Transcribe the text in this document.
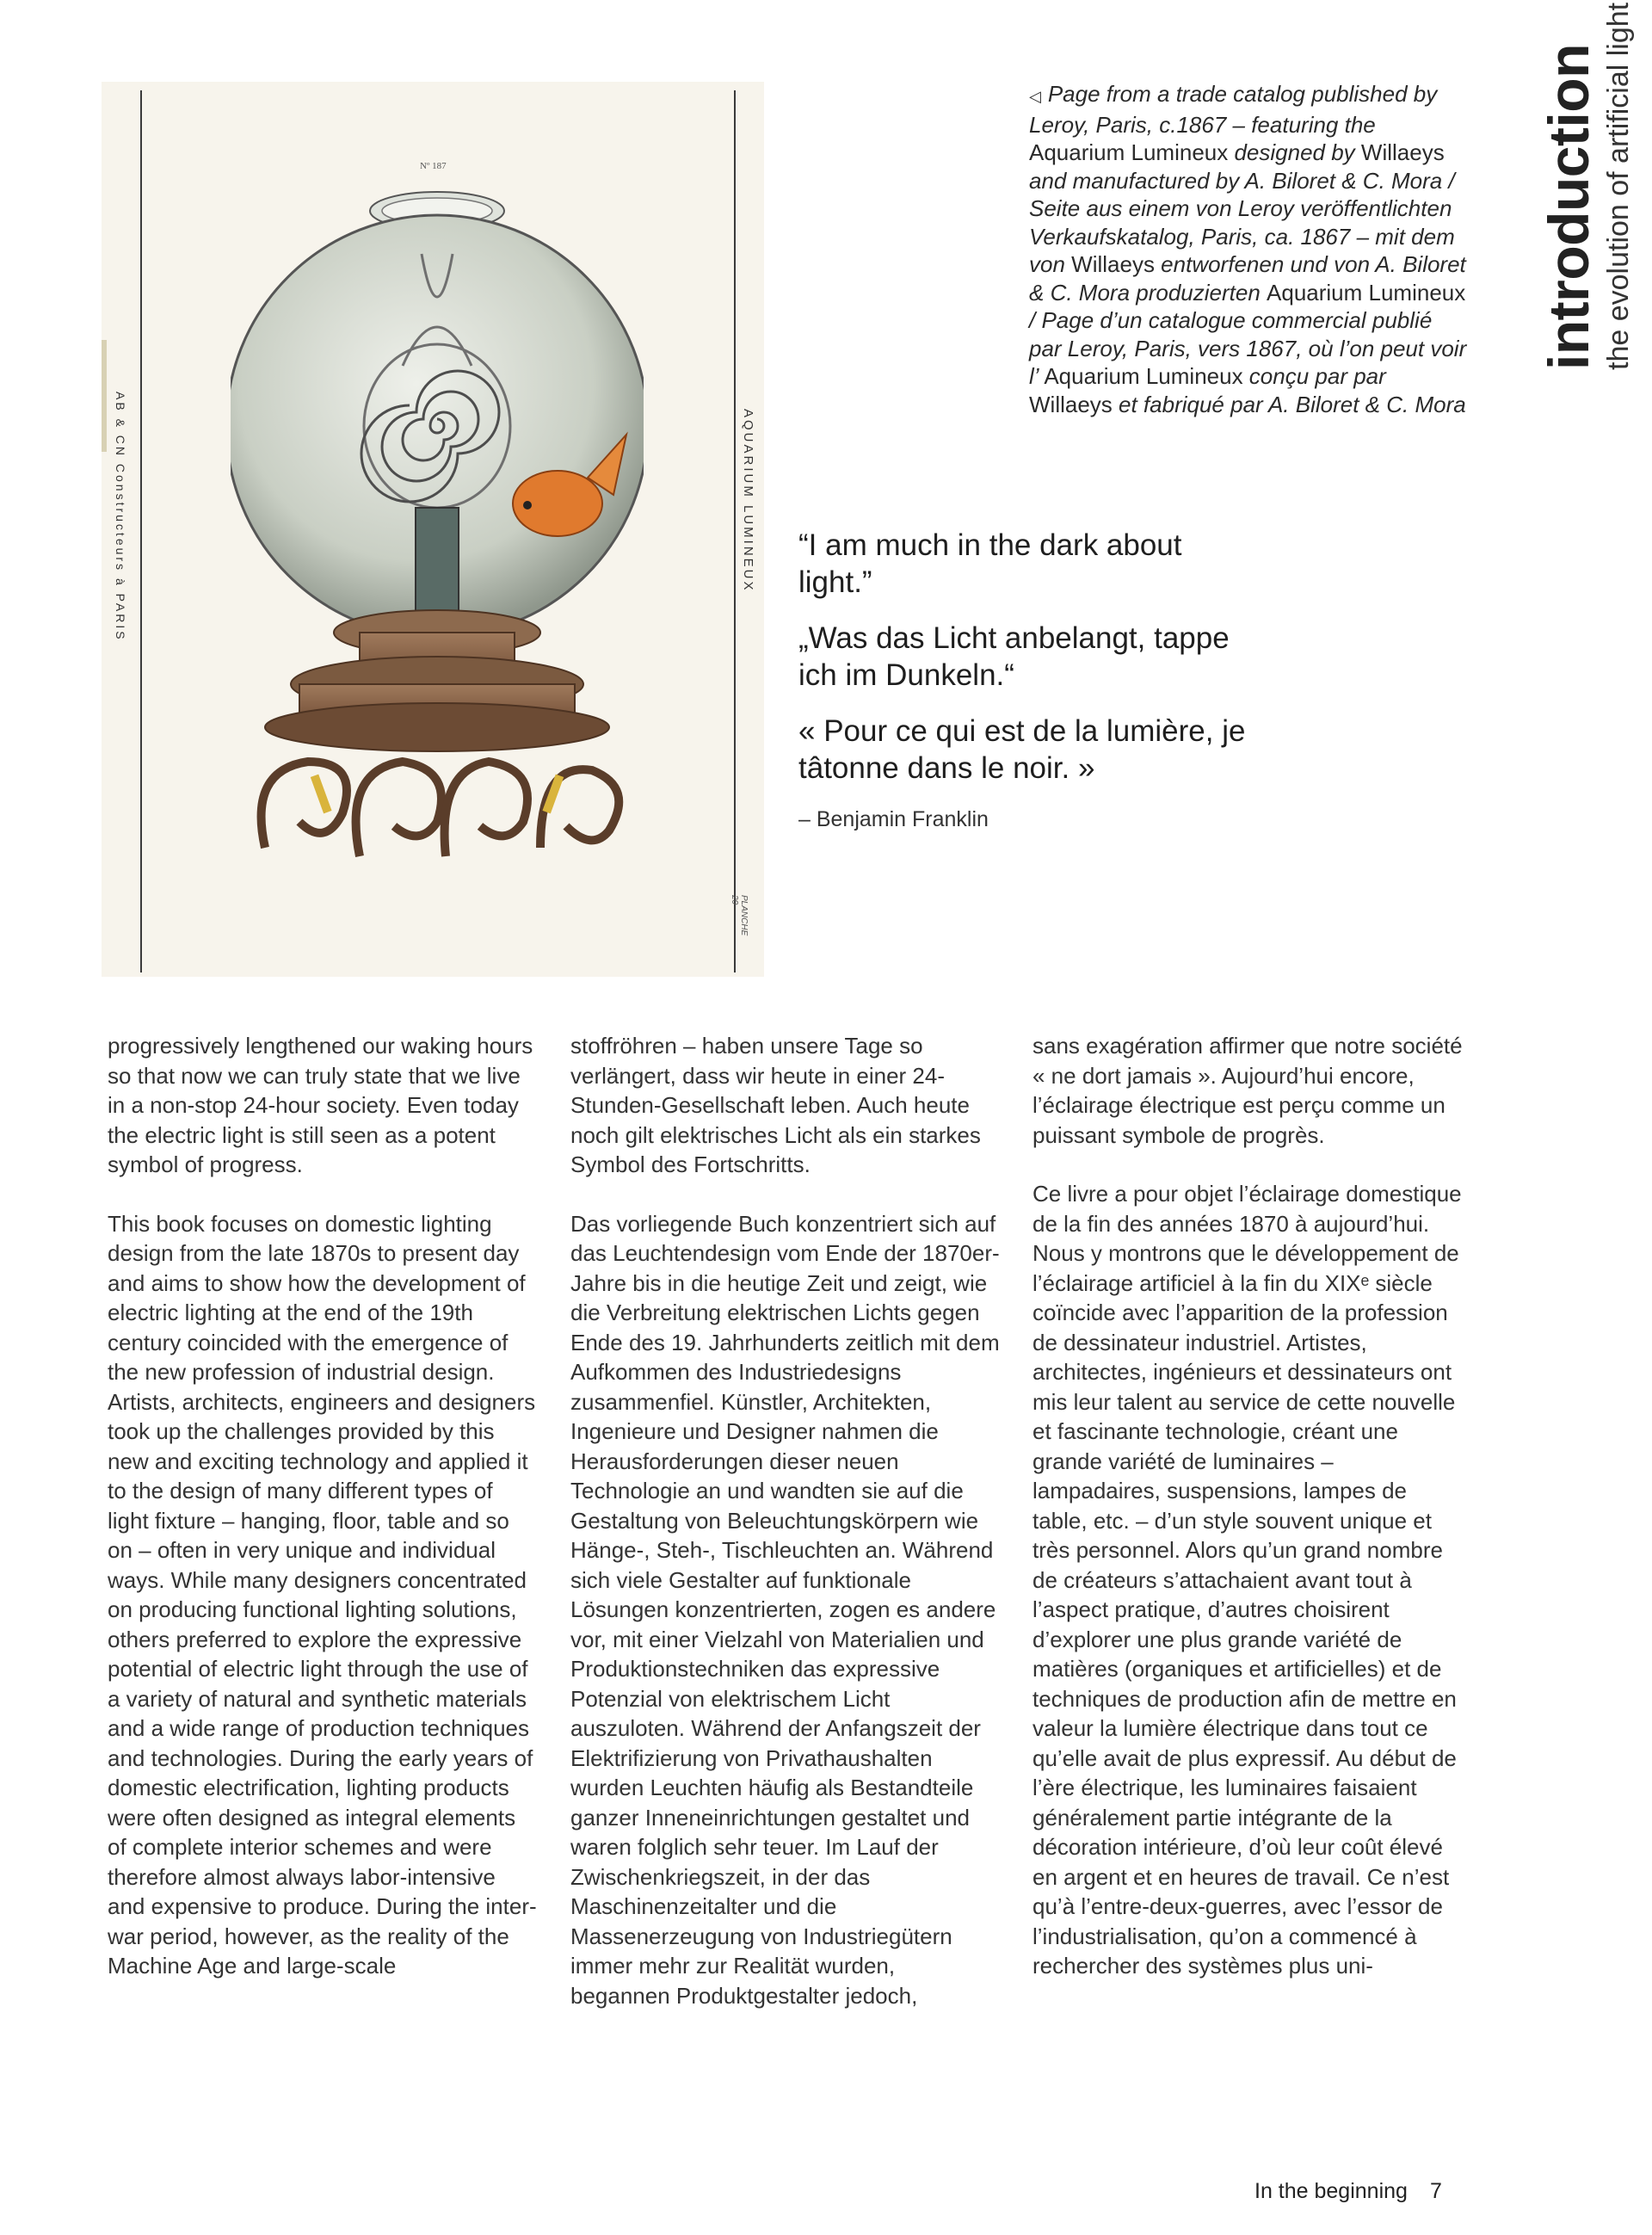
AB & CN Constructeurs à PARIS	AQUARIUM LUMINEUX
Nº 187
PLANCHE 20

◁ Page from a trade catalog published by Leroy, Paris, c.1867 – featuring the Aquarium Lumineux designed by Willaeys and manufactured by A. Biloret & C. Mora / Seite aus einem von Leroy veröffentlichten Verkaufskatalog, Paris, ca. 1867 – mit dem von Willaeys entworfenen und von A. Biloret & C. Mora produzierten Aquarium Lumineux / Page d’un catalogue commercial publié par Leroy, Paris, vers 1867, où l’on peut voir l’ Aquarium Lumineux conçu par par Willaeys et fabriqué par A. Biloret & C. Mora

introduction the evolution of artificial light

“I am much in the dark about light.”

„Was das Licht anbelangt, tappe ich im Dunkeln.“

« Pour ce qui est de la lumière, je tâtonne dans le noir. »

– Benjamin Franklin

progressively lengthened our waking hours so that now we can truly state that we live in a non-stop 24-hour society. Even today the electric light is still seen as a potent symbol of progress.

This book focuses on domestic lighting design from the late 1870s to present day and aims to show how the development of electric lighting at the end of the 19th century coincided with the emergence of the new profession of industrial design. Artists, architects, engineers and designers took up the challenges provided by this new and exciting technology and applied it to the design of many different types of light fixture – hanging, floor, table and so on – often in very unique and individual ways. While many designers concentrated on producing functional lighting solutions, others preferred to explore the expressive potential of electric light through the use of a variety of natural and synthetic materials and a wide range of production techniques and technologies. During the early years of domestic electrification, lighting products were often designed as integral elements of complete interior schemes and were therefore almost always labor-intensive and expensive to produce. During the inter-war period, however, as the reality of the Machine Age and large-scale

stoffröhren – haben unsere Tage so verlängert, dass wir heute in einer 24-Stunden-Gesellschaft leben. Auch heute noch gilt elektrisches Licht als ein starkes Symbol des Fortschritts.

Das vorliegende Buch konzentriert sich auf das Leuchtendesign vom Ende der 1870er-Jahre bis in die heutige Zeit und zeigt, wie die Verbreitung elektrischen Lichts gegen Ende des 19. Jahrhunderts zeitlich mit dem Aufkommen des Industriedesigns zusammenfiel. Künstler, Architekten, Ingenieure und Designer nahmen die Herausforderungen dieser neuen Technologie an und wandten sie auf die Gestaltung von Beleuchtungskörpern wie Hänge-, Steh-, Tischleuchten an. Während sich viele Gestalter auf funktionale Lösungen konzentrierten, zogen es andere vor, mit einer Vielzahl von Materialien und Produktionstechniken das expressive Potenzial von elektrischem Licht auszuloten. Während der Anfangszeit der Elektrifizierung von Privathaushalten wurden Leuchten häufig als Bestandteile ganzer Inneneinrichtungen gestaltet und waren folglich sehr teuer. Im Lauf der Zwischenkriegszeit, in der das Maschinenzeitalter und die Massenerzeugung von Industriegütern immer mehr zur Realität wurden, begannen Produktgestalter jedoch,

sans exagération affirmer que notre société « ne dort jamais ». Aujourd’hui encore, l’éclairage électrique est perçu comme un puissant symbole de progrès.

Ce livre a pour objet l’éclairage domestique de la fin des années 1870 à aujourd’hui. Nous y montrons que le développement de l’éclairage artificiel à la fin du XIXᵉ siècle coïncide avec l’apparition de la profession de dessinateur industriel. Artistes, architectes, ingénieurs et dessinateurs ont mis leur talent au service de cette nouvelle et fascinante technologie, créant une grande variété de luminaires – lampadaires, suspensions, lampes de table, etc. – d’un style souvent unique et très personnel. Alors qu’un grand nombre de créateurs s’attachaient avant tout à l’aspect pratique, d’autres choisirent d’explorer une plus grande variété de matières (organiques et artificielles) et de techniques de production afin de mettre en valeur la lumière électrique dans tout ce qu’elle avait de plus expressif. Au début de l’ère électrique, les luminaires faisaient généralement partie intégrante de la décoration intérieure, d’où leur coût élevé en argent et en heures de travail. Ce n’est qu’à l’entre-deux-guerres, avec l’essor de l’industrialisation, qu’on a commencé à rechercher des systèmes plus uni-

In the beginning 7
